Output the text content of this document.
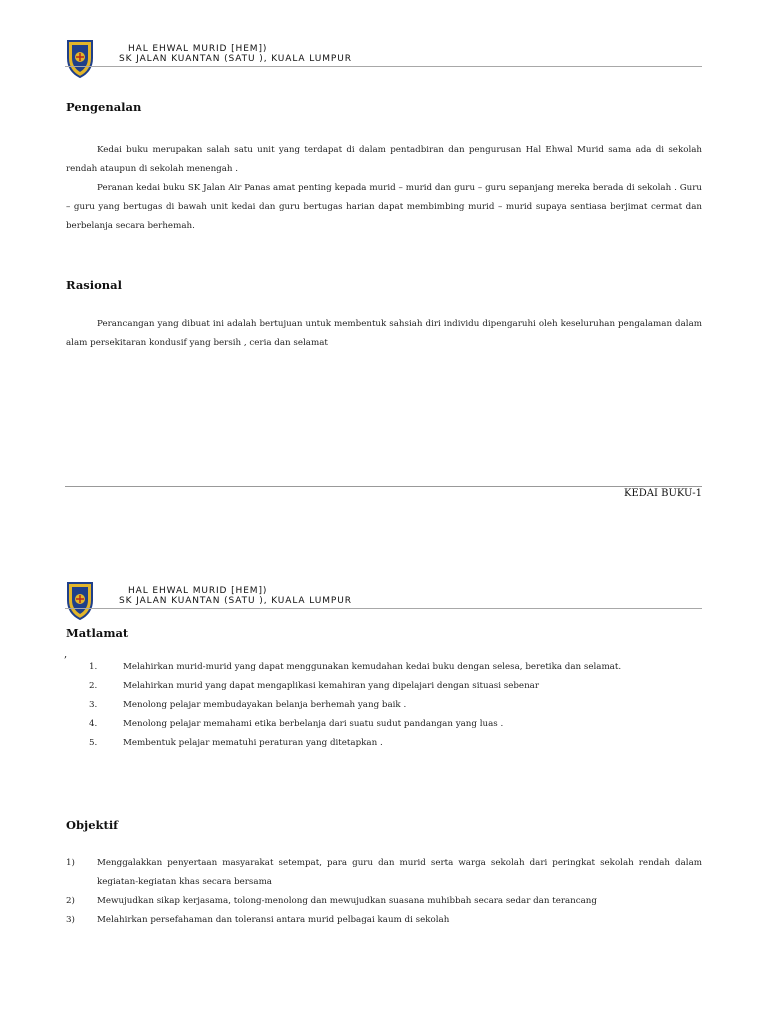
HAL EHWAL MURID [HEM])
SK JALAN KUANTAN (SATU ), KUALA LUMPUR
Pengenalan

Kedai buku merupakan salah satu unit yang terdapat di dalam pentadbiran dan pengurusan Hal Ehwal Murid sama ada di sekolah rendah ataupun di sekolah menengah .

Peranan kedai buku SK Jalan Air Panas amat penting kepada murid – murid dan guru – guru sepanjang mereka berada di sekolah . Guru – guru yang bertugas di bawah unit kedai dan guru bertugas harian dapat membimbing murid – murid supaya sentiasa berjimat cermat dan berbelanja secara berhemah.

Rasional

Perancangan yang dibuat ini adalah bertujuan untuk membentuk sahsiah diri individu dipengaruhi oleh keseluruhan pengalaman dalam alam persekitaran kondusif yang bersih , ceria dan selamat

KEDAI BUKU-1
HAL EHWAL MURID [HEM])
SK JALAN KUANTAN (SATU ), KUALA LUMPUR
Matlamat
,
1.	Melahirkan murid-murid yang dapat menggunakan kemudahan kedai buku dengan selesa, beretika dan selamat.
2.	Melahirkan murid yang dapat mengaplikasi kemahiran yang dipelajari dengan situasi sebenar
3.	Menolong pelajar membudayakan belanja berhemah yang baik .
4.	Menolong pelajar memahami etika berbelanja dari suatu sudut pandangan yang luas .
5.	Membentuk pelajar mematuhi peraturan yang ditetapkan .
Objektif
1)	Menggalakkan penyertaan masyarakat setempat, para guru dan murid serta warga sekolah dari peringkat sekolah rendah dalam kegiatan-kegiatan khas secara bersama
2)	Mewujudkan sikap kerjasama, tolong-menolong dan mewujudkan suasana muhibbah secara sedar dan terancang
3)	Melahirkan persefahaman dan toleransi antara murid pelbagai kaum di sekolah
